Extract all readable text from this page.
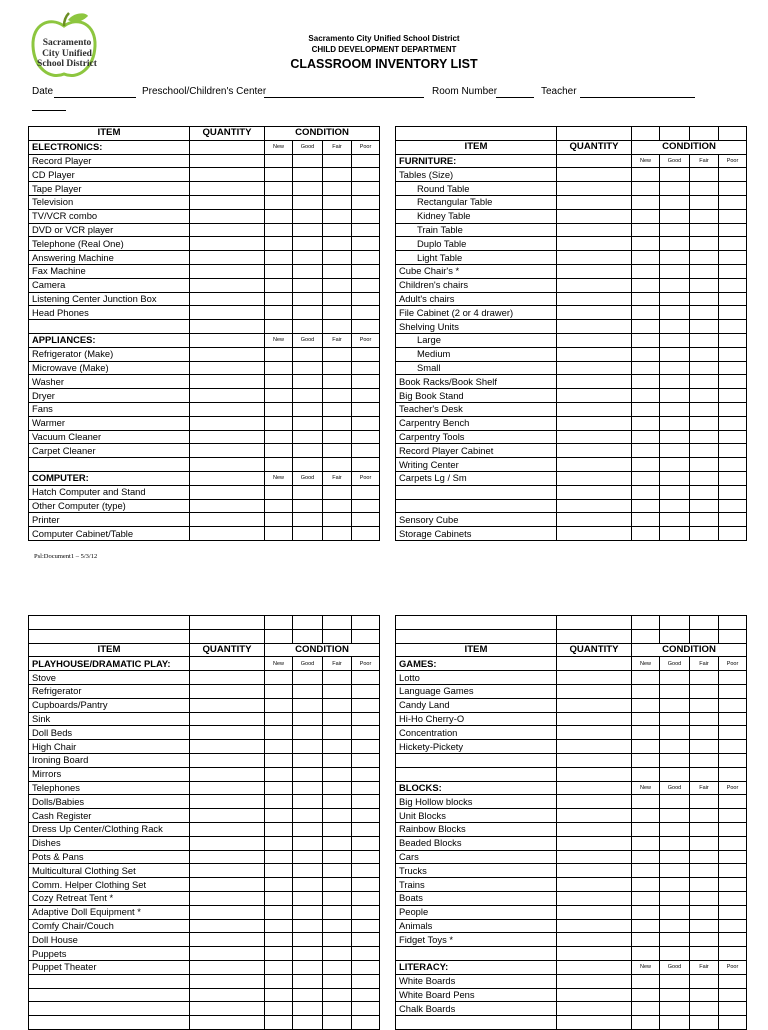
Sacramento
City Unified
School District
Sacramento City Unified School District
CHILD DEVELOPMENT DEPARTMENT
CLASSROOM INVENTORY LIST
Date	Preschool/Children's Center	Room Number	Teacher
ITEM	QUANTITY	CONDITION			
ELECTRONICS:		New	Good	Fair	Poor
Record Player					
CD Player					
Tape Player					
Television					
TV/VCR combo					
DVD or VCR player					
Telephone (Real One)					
Answering Machine					
Fax Machine					
Camera					
Listening Center Junction Box					
Head Phones					

APPLIANCES:		New	Good	Fair	Poor
Refrigerator (Make)					
Microwave (Make)					
Washer					
Dryer					
Fans					
Warmer					
Vacuum Cleaner					
Carpet Cleaner					

COMPUTER:		New	Good	Fair	Poor
Hatch Computer and Stand					
Other Computer (type)					
Printer					
Computer Cabinet/Table					

ITEM	QUANTITY	CONDITION			
FURNITURE:		New	Good	Fair	Poor
Tables (Size)					
Round Table					
Rectangular Table					
Kidney Table					
Train Table					
Duplo Table					
Light Table					
Cube Chair's *					
Children's chairs					
Adult's chairs					
File Cabinet (2 or 4 drawer)					
Shelving Units					
Large					
Medium					
Small					
Book Racks/Book Shelf					
Big Book Stand					
Teacher's Desk					
Carpentry Bench					
Carpentry Tools					
Record Player Cabinet					
Writing Center					
Carpets Lg / Sm					

Sensory Cube					
Storage Cabinets					
Psl:Document1 – 5/3/12

ITEM	QUANTITY	CONDITION			
PLAYHOUSE/DRAMATIC PLAY:		New	Good	Fair	Poor
Stove					
Refrigerator					
Cupboards/Pantry					
Sink					
Doll Beds					
High Chair					
Ironing Board					
Mirrors					
Telephones					
Dolls/Babies					
Cash Register					
Dress Up Center/Clothing Rack					
Dishes					
Pots & Pans					
Multicultural Clothing Set					
Comm. Helper Clothing Set					
Cozy Retreat Tent *					
Adaptive Doll Equipment *					
Comfy Chair/Couch					
Doll House					
Puppets					
Puppet Theater					

ITEM	QUANTITY	CONDITION			
GAMES:		New	Good	Fair	Poor
Lotto					
Language Games					
Candy Land					
Hi-Ho Cherry-O					
Concentration					
Hickety-Pickety					

BLOCKS:		New	Good	Fair	Poor
Big Hollow blocks					
Unit Blocks					
Rainbow Blocks					
Beaded Blocks					
Cars					
Trucks					
Trains					
Boats					
People					
Animals					
Fidget Toys *					

LITERACY:		New	Good	Fair	Poor
White Boards					
White Board Pens					
Chalk Boards					
